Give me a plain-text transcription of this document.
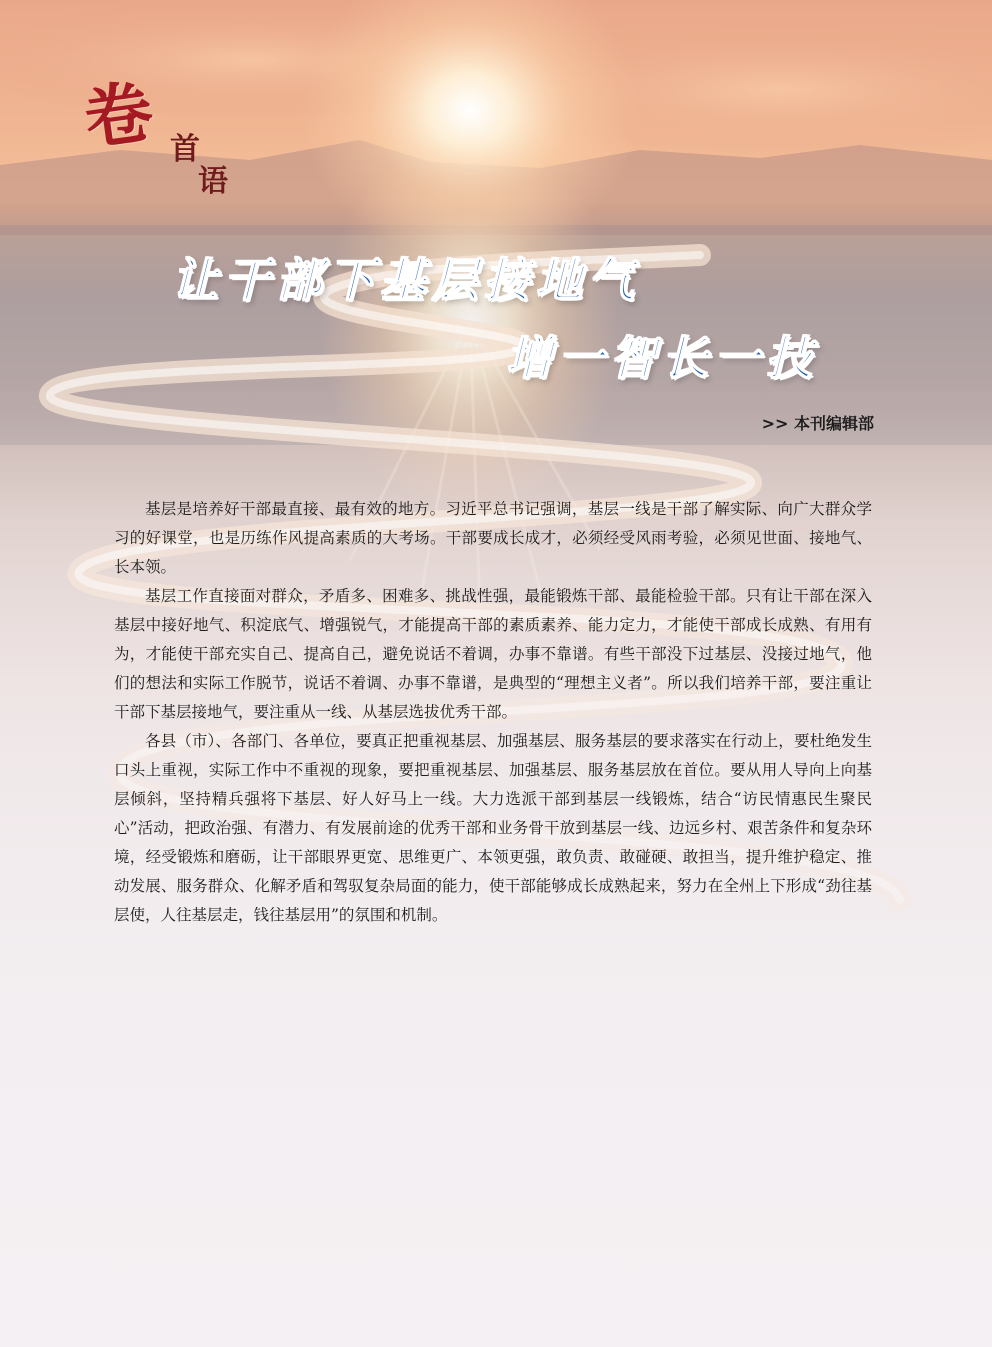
卷 首
语
让干部下基层接地气
增一智长一技
>> 本刊编辑部

基层是培养好干部最直接、最有效的地方。习近平总书记强调，基层一线是干部了解实际、向广大群众学习的好课堂，也是历练作风提高素质的大考场。干部要成长成才，必须经受风雨考验，必须见世面、接地气、长本领。

基层工作直接面对群众，矛盾多、困难多、挑战性强，最能锻炼干部、最能检验干部。只有让干部在深入基层中接好地气、积淀底气、增强锐气，才能提高干部的素质素养、能力定力，才能使干部成长成熟、有用有为，才能使干部充实自己、提高自己，避免说话不着调，办事不靠谱。有些干部没下过基层、没接过地气，他们的想法和实际工作脱节，说话不着调、办事不靠谱，是典型的“理想主义者”。所以我们培养干部，要注重让干部下基层接地气，要注重从一线、从基层选拔优秀干部。

各县（市）、各部门、各单位，要真正把重视基层、加强基层、服务基层的要求落实在行动上，要杜绝发生口头上重视，实际工作中不重视的现象，要把重视基层、加强基层、服务基层放在首位。要从用人导向上向基层倾斜，坚持精兵强将下基层、好人好马上一线。大力选派干部到基层一线锻炼，结合“访民情惠民生聚民心”活动，把政治强、有潜力、有发展前途的优秀干部和业务骨干放到基层一线、边远乡村、艰苦条件和复杂环境，经受锻炼和磨砺，让干部眼界更宽、思维更广、本领更强，敢负责、敢碰硬、敢担当，提升维护稳定、推动发展、服务群众、化解矛盾和驾驭复杂局面的能力，使干部能够成长成熟起来，努力在全州上下形成“劲往基层使，人往基层走，钱往基层用”的氛围和机制。
